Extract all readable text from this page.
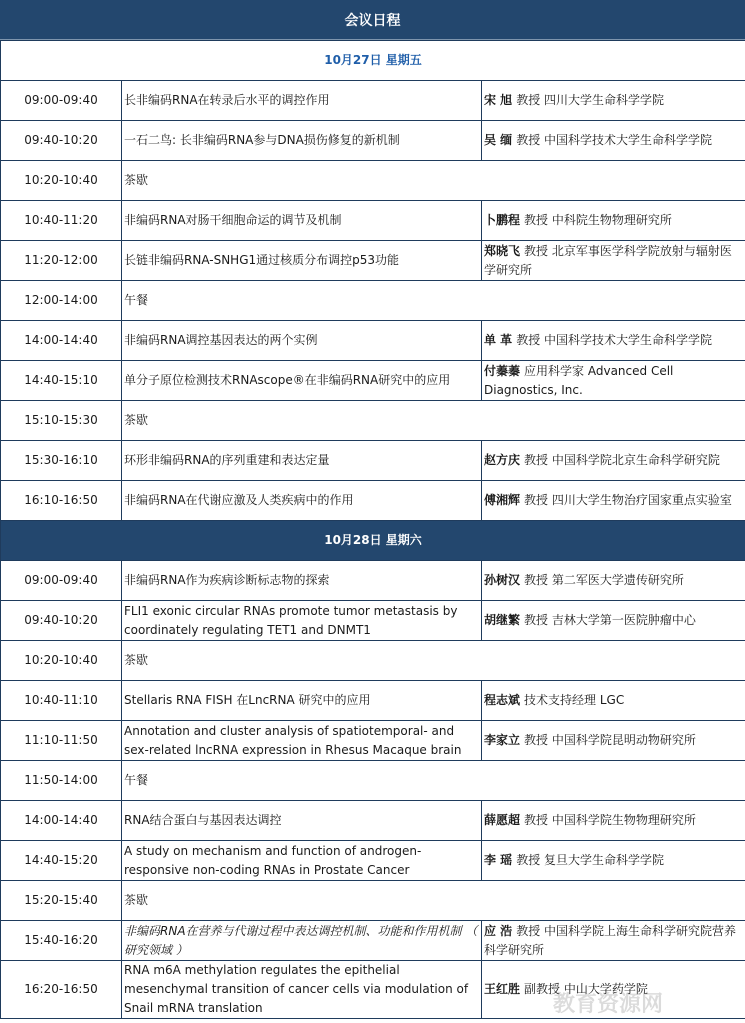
会议日程
10月27日 星期五		
09:00-09:40	长非编码RNA在转录后水平的调控作用	宋 旭 教授 四川大学生命科学学院
09:40-10:20	一石二鸟: 长非编码RNA参与DNA损伤修复的新机制	吴 缅 教授 中国科学技术大学生命科学学院
10:20-10:40	茶歇	
10:40-11:20	非编码RNA对肠干细胞命运的调节及机制	卜鹏程 教授 中科院生物物理研究所
11:20-12:00	长链非编码RNA-SNHG1通过核质分布调控p53功能	郑晓飞 教授 北京军事医学科学院放射与辐射医学研究所
12:00-14:00	午餐	
14:00-14:40	非编码RNA调控基因表达的两个实例	单 革 教授 中国科学技术大学生命科学学院
14:40-15:10	单分子原位检测技术RNAscope®在非编码RNA研究中的应用	付蓁蓁 应用科学家 Advanced Cell Diagnostics, Inc.
15:10-15:30	茶歇	
15:30-16:10	环形非编码RNA的序列重建和表达定量	赵方庆 教授 中国科学院北京生命科学研究院
16:10-16:50	非编码RNA在代谢应激及人类疾病中的作用	傅湘辉 教授 四川大学生物治疗国家重点实验室
10月28日 星期六		
09:00-09:40	非编码RNA作为疾病诊断标志物的探索	孙树汉 教授 第二军医大学遗传研究所
09:40-10:20	FLI1 exonic circular RNAs promote tumor metastasis by coordinately regulating TET1 and DNMT1	胡继繁 教授 吉林大学第一医院肿瘤中心
10:20-10:40	茶歇	
10:40-11:10	Stellaris RNA FISH 在LncRNA 研究中的应用	程志斌 技术支持经理 LGC
11:10-11:50	Annotation and cluster analysis of spatiotemporal- and sex-related lncRNA expression in Rhesus Macaque brain	李家立 教授 中国科学院昆明动物研究所
11:50-14:00	午餐	
14:00-14:40	RNA结合蛋白与基因表达调控	薛愿超 教授 中国科学院生物物理研究所
14:40-15:20	A study on mechanism and function of androgen-responsive non-coding RNAs in Prostate Cancer	李 瑶 教授 复旦大学生命科学学院
15:20-15:40	茶歇	
15:40-16:20	非编码RNA在营养与代谢过程中表达调控机制、功能和作用机制 （ 研究领域 ）	应 浩 教授 中国科学院上海生命科学研究院营养科学研究所
16:20-16:50	RNA m6A methylation regulates the epithelial mesenchymal transition of cancer cells via modulation of Snail mRNA translation	王红胜 副教授 中山大学药学院
教育资源网
